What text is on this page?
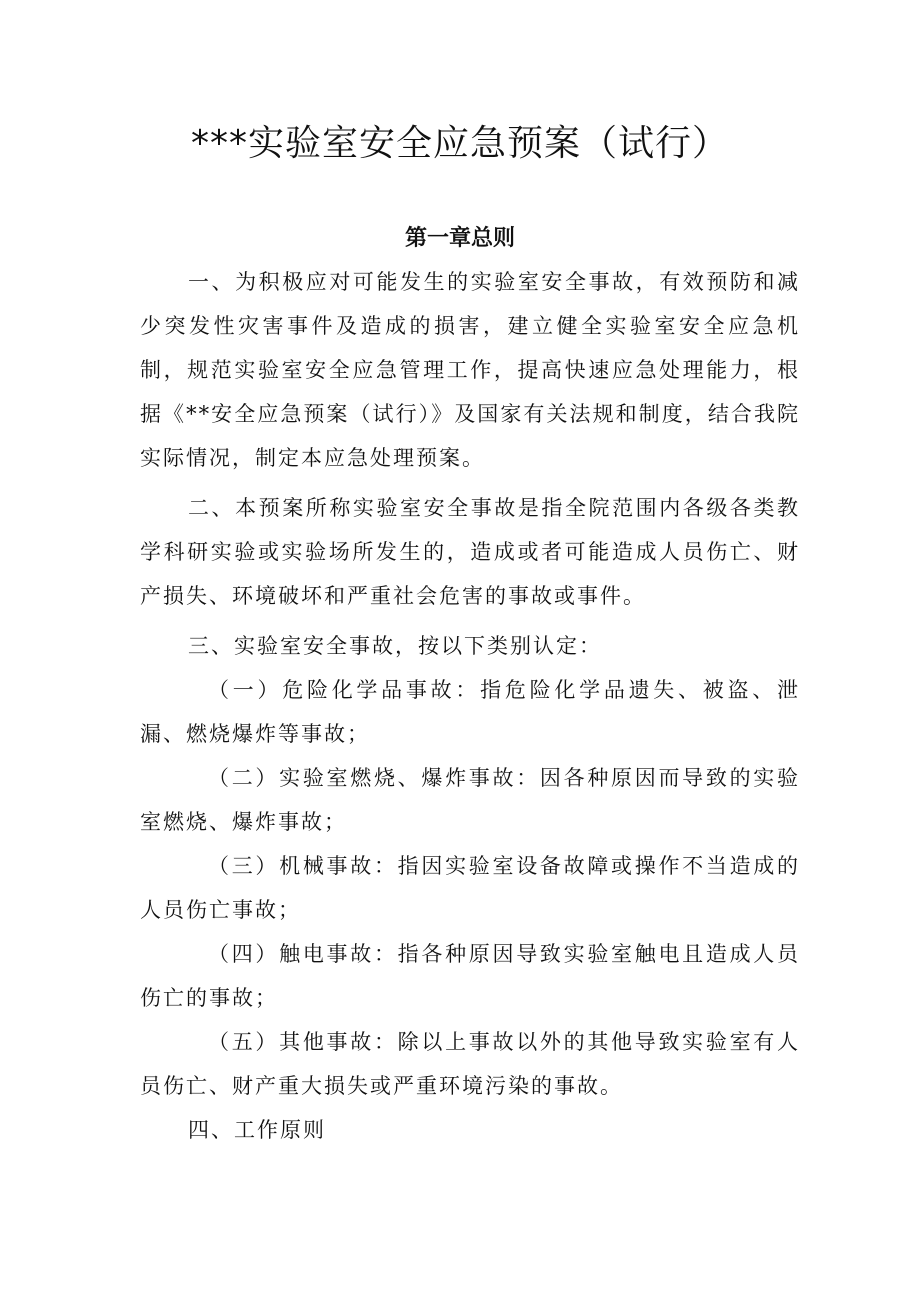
***实验室安全应急预案（试行）
第一章总则

一、为积极应对可能发生的实验室安全事故，有效预防和减少突发性灾害事件及造成的损害，建立健全实验室安全应急机制，规范实验室安全应急管理工作，提高快速应急处理能力，根据《**安全应急预案（试行）》及国家有关法规和制度，结合我院实际情况，制定本应急处理预案。

二、本预案所称实验室安全事故是指全院范围内各级各类教学科研实验或实验场所发生的，造成或者可能造成人员伤亡、财产损失、环境破坏和严重社会危害的事故或事件。

三、实验室安全事故，按以下类别认定：

（一）危险化学品事故：指危险化学品遗失、被盗、泄漏、燃烧爆炸等事故；

（二）实验室燃烧、爆炸事故：因各种原因而导致的实验室燃烧、爆炸事故；

（三）机械事故：指因实验室设备故障或操作不当造成的人员伤亡事故；

（四）触电事故：指各种原因导致实验室触电且造成人员伤亡的事故；

（五）其他事故：除以上事故以外的其他导致实验室有人员伤亡、财产重大损失或严重环境污染的事故。

四、工作原则
